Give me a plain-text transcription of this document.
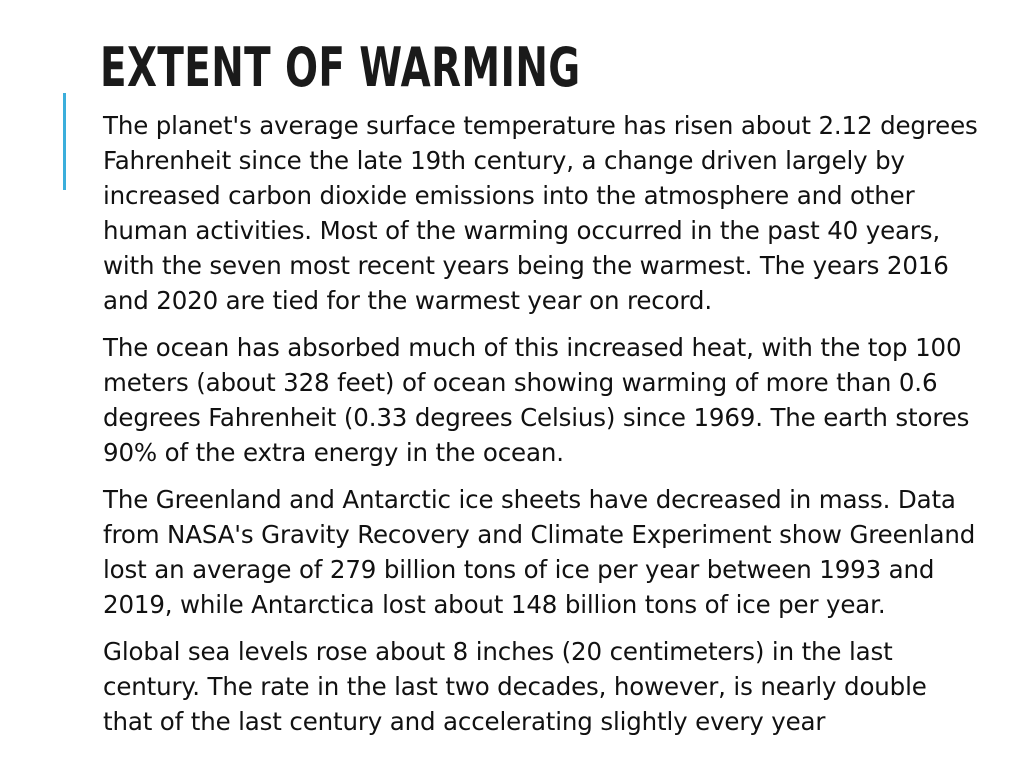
EXTENT OF WARMING

The planet's average surface temperature has risen about 2.12 degrees Fahrenheit since the late 19th century, a change driven largely by increased carbon dioxide emissions into the atmosphere and other human activities. Most of the warming occurred in the past 40 years, with the seven most recent years being the warmest. The years 2016 and 2020 are tied for the warmest year on record.

The ocean has absorbed much of this increased heat, with the top 100 meters (about 328 feet) of ocean showing warming of more than 0.6 degrees Fahrenheit (0.33 degrees Celsius) since 1969. The earth stores 90% of the extra energy in the ocean.

The Greenland and Antarctic ice sheets have decreased in mass. Data from NASA's Gravity Recovery and Climate Experiment show Greenland lost an average of 279 billion tons of ice per year between 1993 and 2019, while Antarctica lost about 148 billion tons of ice per year.

Global sea levels rose about 8 inches (20 centimeters) in the last century. The rate in the last two decades, however, is nearly double that of the last century and accelerating slightly every year
